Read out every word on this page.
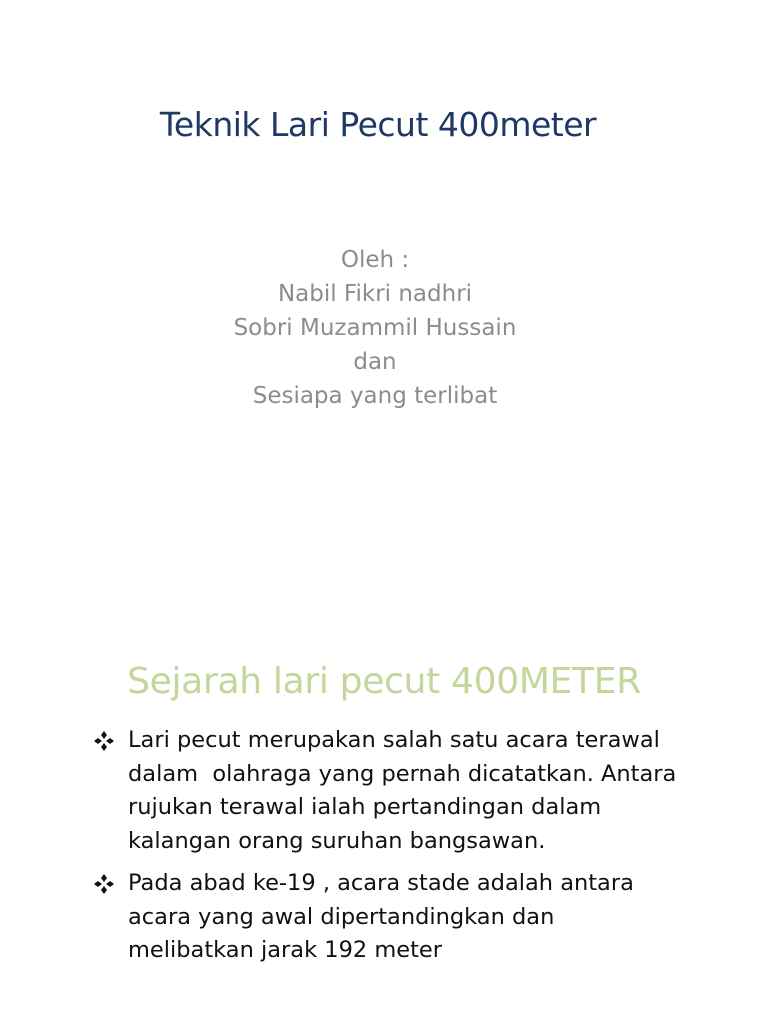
Teknik Lari Pecut 400meter
Oleh :
Nabil Fikri nadhri
Sobri Muzammil Hussain
dan
Sesiapa yang terlibat
Sejarah lari pecut 400METER
Lari pecut merupakan salah satu acara terawal
dalam  olahraga yang pernah dicatatkan. Antara
rujukan terawal ialah pertandingan dalam
kalangan orang suruhan bangsawan.
Pada abad ke-19 , acara stade adalah antara
acara yang awal dipertandingkan dan
melibatkan jarak 192 meter
